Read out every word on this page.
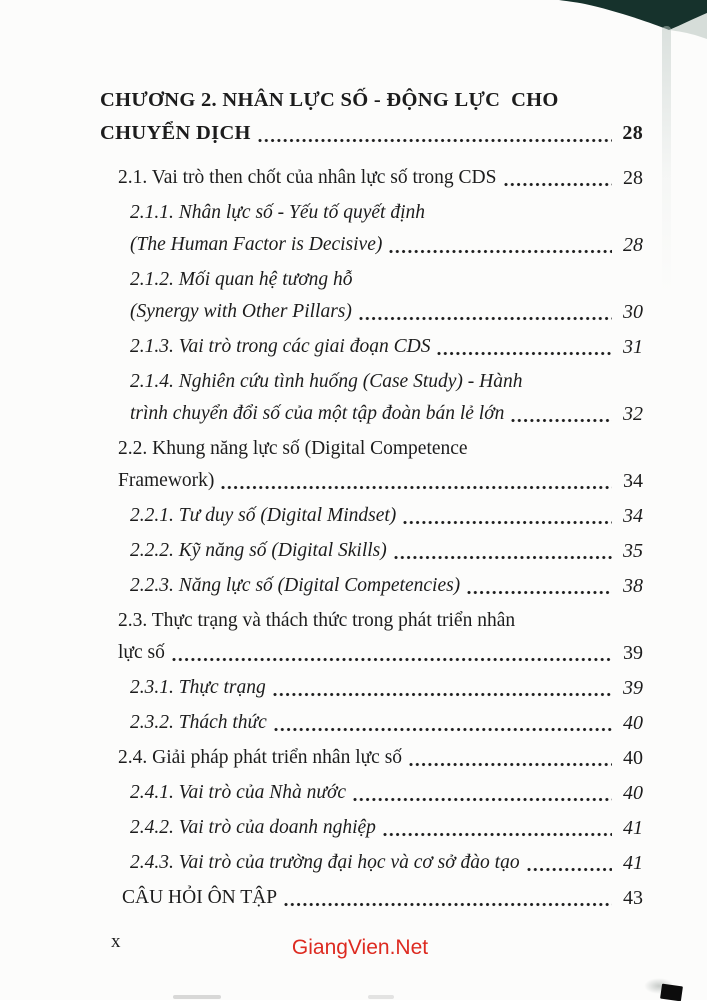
CHƯƠNG 2. NHÂN LỰC SỐ - ĐỘNG LỰC  CHO
CHUYỂN DỊCH	28
2.1. Vai trò then chốt của nhân lực số trong CDS	28
2.1.1. Nhân lực số - Yếu tố quyết định
(The Human Factor is Decisive)	28
2.1.2. Mối quan hệ tương hỗ
(Synergy with Other Pillars)	30
2.1.3. Vai trò trong các giai đoạn CDS	31
2.1.4. Nghiên cứu tình huống (Case Study) - Hành
trình chuyển đổi số của một tập đoàn bán lẻ lớn	32
2.2. Khung năng lực số (Digital Competence
Framework)	34
2.2.1. Tư duy số (Digital Mindset)	34
2.2.2. Kỹ năng số (Digital Skills)	35
2.2.3. Năng lực số (Digital Competencies)	38
2.3. Thực trạng và thách thức trong phát triển nhân
lực số	39
2.3.1. Thực trạng	39
2.3.2. Thách thức	40
2.4. Giải pháp phát triển nhân lực số	40
2.4.1. Vai trò của Nhà nước	40
2.4.2. Vai trò của doanh nghiệp	41
2.4.3. Vai trò của trường đại học và cơ sở đào tạo	41
CÂU HỎI ÔN TẬP	43
x	GiangVien.Net
